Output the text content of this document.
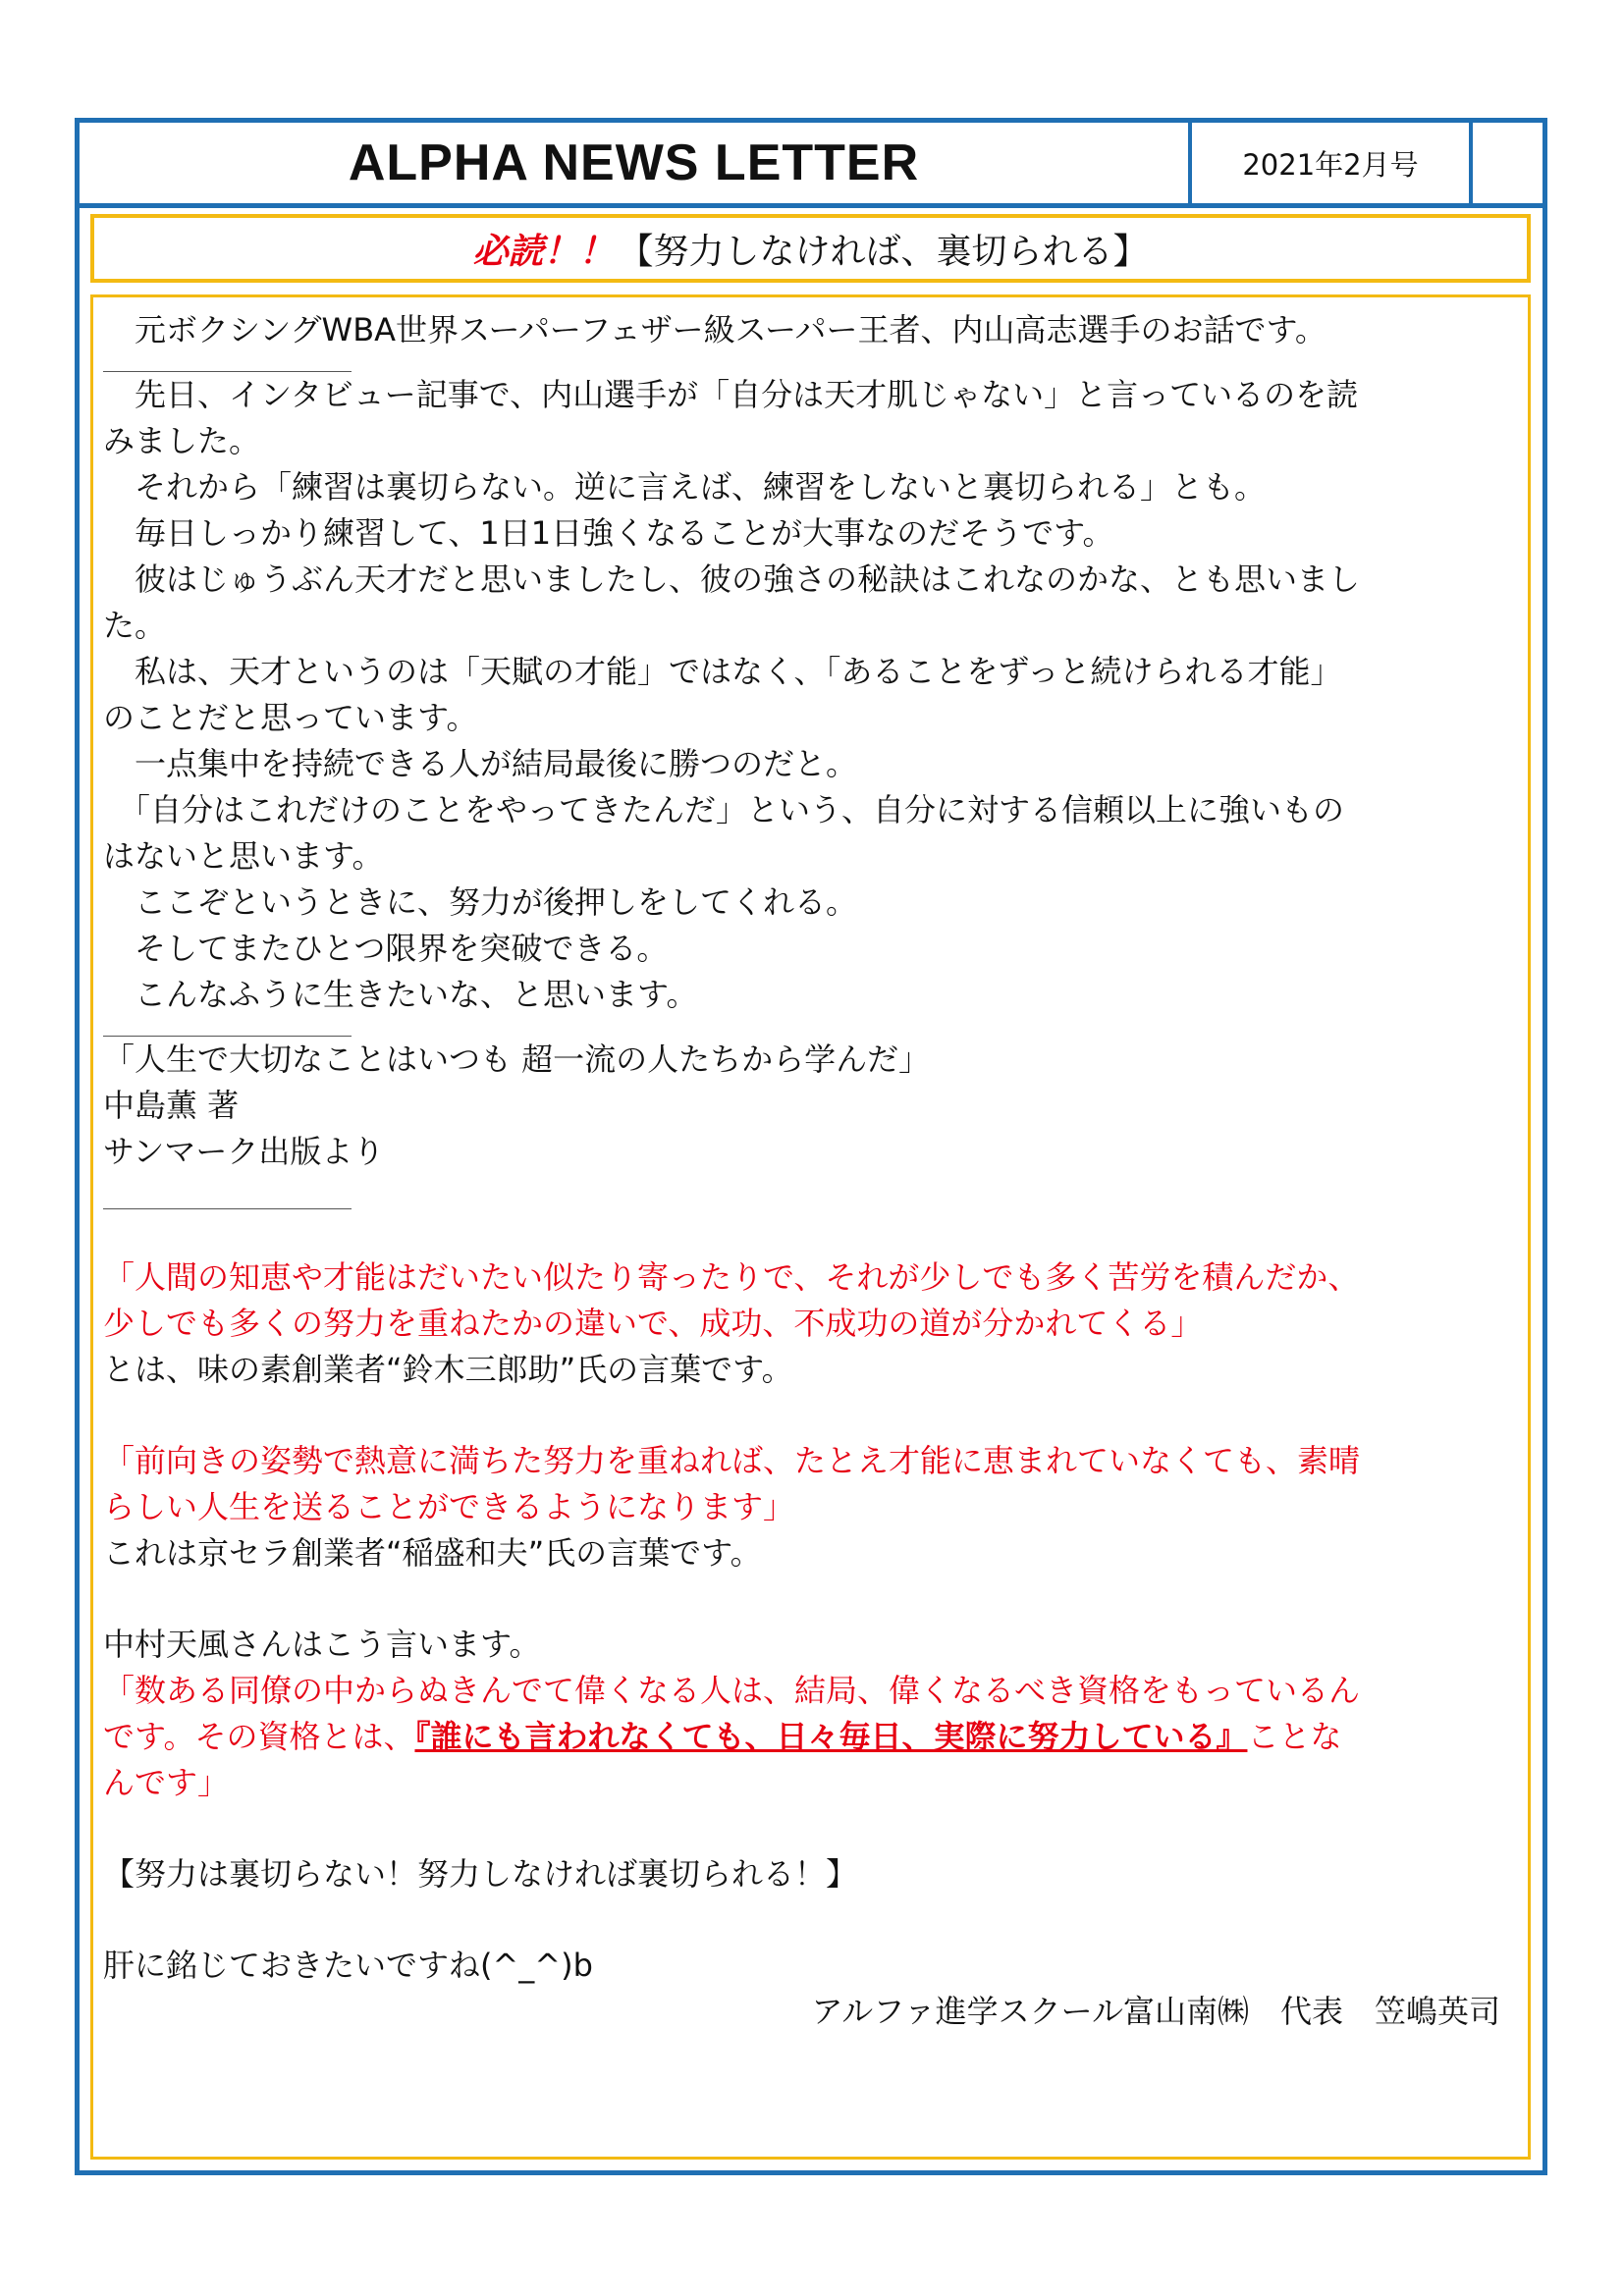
ALPHA NEWS LETTER	2021年2月号
必読！！ 【努力しなければ、裏切られる】
　元ボクシングWBA世界スーパーフェザー級スーパー王者、内山高志選手のお話です。
　先日、インタビュー記事で、内山選手が「自分は天才肌じゃない」と言っているのを読
みました。
　それから「練習は裏切らない。逆に言えば、練習をしないと裏切られる」とも。
　毎日しっかり練習して、1日1日強くなることが大事なのだそうです。
　彼はじゅうぶん天才だと思いましたし、彼の強さの秘訣はこれなのかな、とも思いまし
た。
　私は、天才というのは「天賦の才能」ではなく、「あることをずっと続けられる才能」
のことだと思っています。
　一点集中を持続できる人が結局最後に勝つのだと。
　「自分はこれだけのことをやってきたんだ」という、自分に対する信頼以上に強いもの
はないと思います。
　ここぞというときに、努力が後押しをしてくれる。
　そしてまたひとつ限界を突破できる。
　こんなふうに生きたいな、と思います。
「人生で大切なことはいつも 超一流の人たちから学んだ」
中島薫 著
サンマーク出版より
「人間の知恵や才能はだいたい似たり寄ったりで、それが少しでも多く苦労を積んだか、
少しでも多くの努力を重ねたかの違いで、成功、不成功の道が分かれてくる」
とは、味の素創業者“鈴木三郎助”氏の言葉です。
「前向きの姿勢で熱意に満ちた努力を重ねれば、たとえ才能に恵まれていなくても、素晴
らしい人生を送ることができるようになります」
これは京セラ創業者“稲盛和夫”氏の言葉です。
中村天風さんはこう言います。
「数ある同僚の中からぬきんでて偉くなる人は、結局、偉くなるべき資格をもっているん
です。その資格とは、『誰にも言われなくても、日々毎日、実際に努力している』ことな
んです」
【努力は裏切らない！努力しなければ裏切られる！】
肝に銘じておきたいですね(^_^)b
アルファ進学スクール富山南㈱　代表　笠嶋英司
